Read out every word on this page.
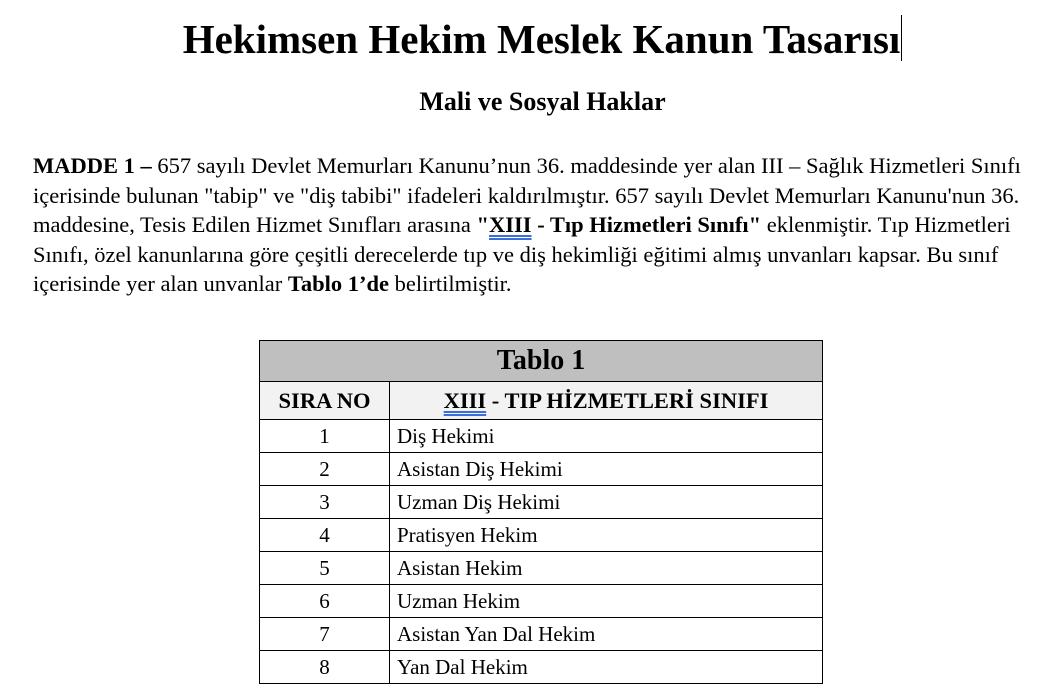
Hekimsen Hekim Meslek Kanun Tasarısı
Mali ve Sosyal Haklar
MADDE 1 – 657 sayılı Devlet Memurları Kanunu’nun 36. maddesinde yer alan III – Sağlık Hizmetleri Sınıfı içerisinde bulunan "tabip" ve "diş tabibi" ifadeleri kaldırılmıştır. 657 sayılı Devlet Memurları Kanunu'nun 36. maddesine, Tesis Edilen Hizmet Sınıfları arasına "XIII - Tıp Hizmetleri Sınıfı" eklenmiştir. Tıp Hizmetleri Sınıfı, özel kanunlarına göre çeşitli derecelerde tıp ve diş hekimliği eğitimi almış unvanları kapsar. Bu sınıf içerisinde yer alan unvanlar Tablo 1’de belirtilmiştir.
Tablo 1	
SIRA NO	XIII - TIP HİZMETLERİ SINIFI
1	Diş Hekimi
2	Asistan Diş Hekimi
3	Uzman Diş Hekimi
4	Pratisyen Hekim
5	Asistan Hekim
6	Uzman Hekim
7	Asistan Yan Dal Hekim
8	Yan Dal Hekim
